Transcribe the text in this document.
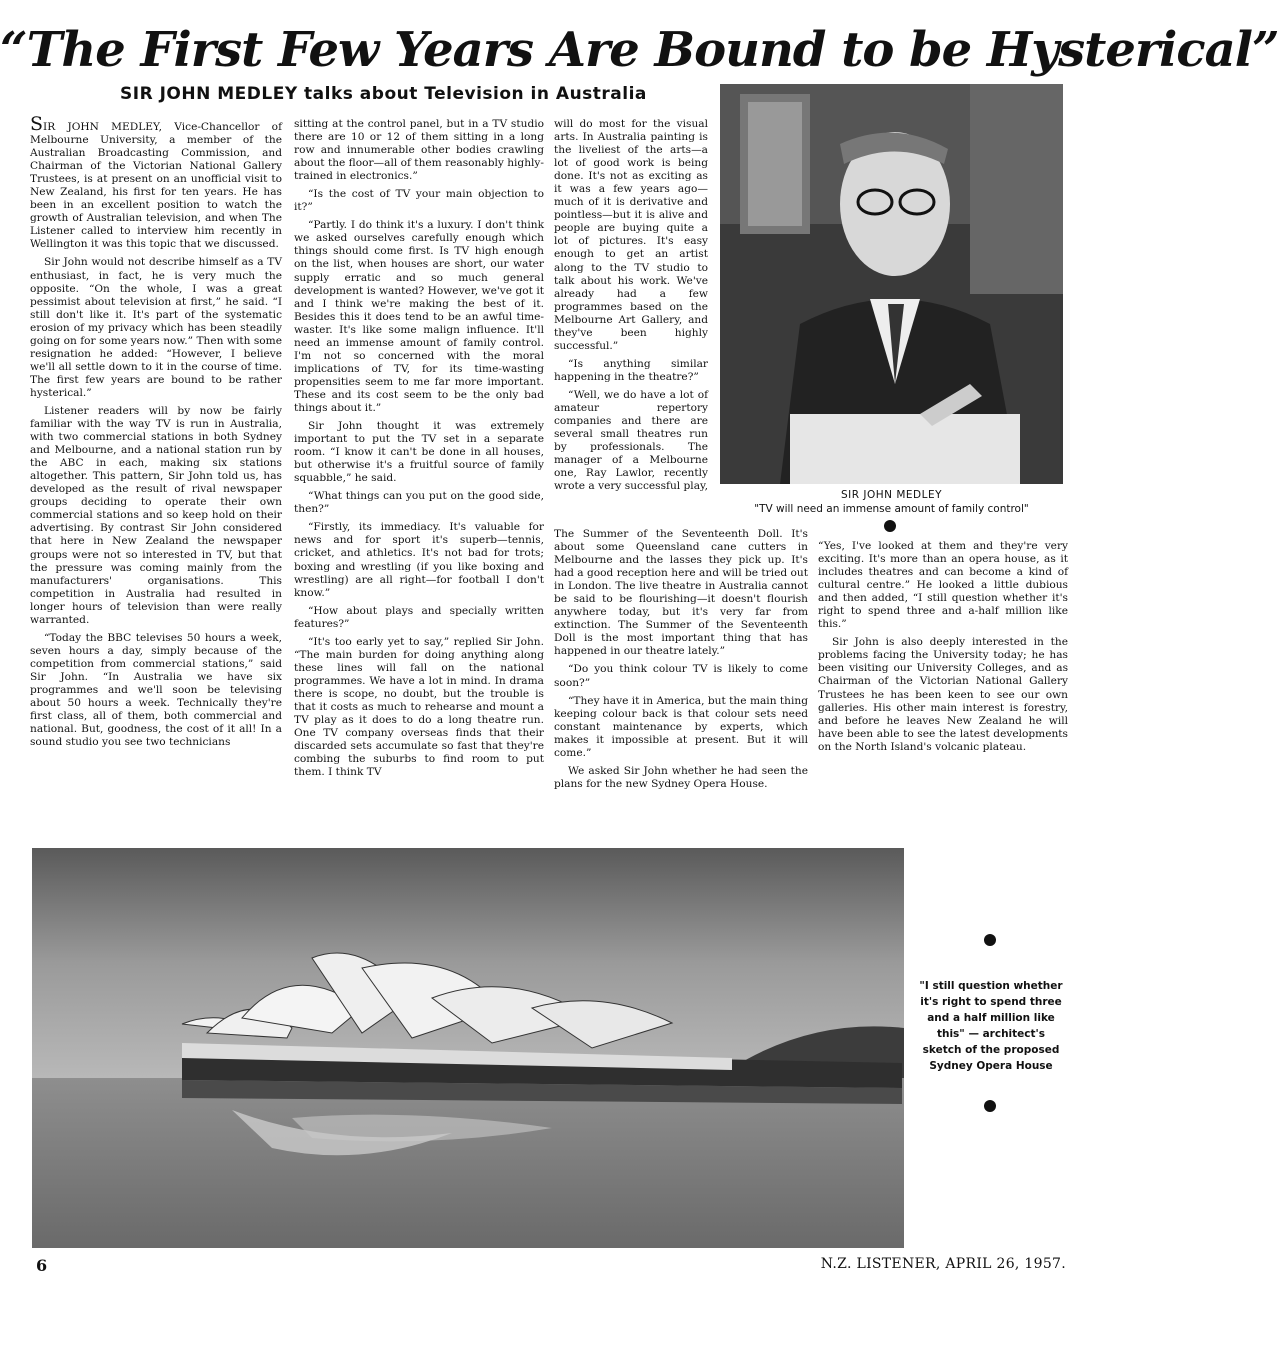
“The First Few Years Are Bound to be Hysterical”
SIR JOHN MEDLEY talks about Television in Australia

SIR JOHN MEDLEY, Vice-Chancellor of Melbourne University, a member of the Australian Broadcasting Commission, and Chairman of the Victorian National Gallery Trustees, is at present on an unofficial visit to New Zealand, his first for ten years. He has been in an excellent position to watch the growth of Australian television, and when The Listener called to interview him recently in Wellington it was this topic that we discussed.

Sir John would not describe himself as a TV enthusiast, in fact, he is very much the opposite. “On the whole, I was a great pessimist about television at first,” he said. “I still don't like it. It's part of the systematic erosion of my privacy which has been steadily going on for some years now.” Then with some resignation he added: “However, I believe we'll all settle down to it in the course of time. The first few years are bound to be rather hysterical.”

Listener readers will by now be fairly familiar with the way TV is run in Australia, with two commercial stations in both Sydney and Melbourne, and a national station run by the ABC in each, making six stations altogether. This pattern, Sir John told us, has developed as the result of rival newspaper groups deciding to operate their own commercial stations and so keep hold on their advertising. By contrast Sir John considered that here in New Zealand the newspaper groups were not so interested in TV, but that the pressure was coming mainly from the manufacturers' organisations. This competition in Australia had resulted in longer hours of television than were really warranted.

“Today the BBC televises 50 hours a week, seven hours a day, simply because of the competition from commercial stations,” said Sir John. “In Australia we have six programmes and we'll soon be televising about 50 hours a week. Technically they're first class, all of them, both commercial and national. But, goodness, the cost of it all! In a sound studio you see two technicians

sitting at the control panel, but in a TV studio there are 10 or 12 of them sitting in a long row and innumerable other bodies crawling about the floor—all of them reasonably highly-trained in electronics.”

“Is the cost of TV your main objection to it?”

“Partly. I do think it's a luxury. I don't think we asked ourselves carefully enough which things should come first. Is TV high enough on the list, when houses are short, our water supply erratic and so much general development is wanted? However, we've got it and I think we're making the best of it. Besides this it does tend to be an awful time-waster. It's like some malign influence. It'll need an immense amount of family control. I'm not so concerned with the moral implications of TV, for its time-wasting propensities seem to me far more important. These and its cost seem to be the only bad things about it.”

Sir John thought it was extremely important to put the TV set in a separate room. “I know it can't be done in all houses, but otherwise it's a fruitful source of family squabble,” he said.

“What things can you put on the good side, then?”

“Firstly, its immediacy. It's valuable for news and for sport it's superb—tennis, cricket, and athletics. It's not bad for trots; boxing and wrestling (if you like boxing and wrestling) are all right—for football I don't know.”

“How about plays and specially written features?”

“It's too early yet to say,” replied Sir John. “The main burden for doing anything along these lines will fall on the national programmes. We have a lot in mind. In drama there is scope, no doubt, but the trouble is that it costs as much to rehearse and mount a TV play as it does to do a long theatre run. One TV company overseas finds that their discarded sets accumulate so fast that they're combing the suburbs to find room to put them. I think TV

will do most for the visual arts. In Australia painting is the liveliest of the arts—a lot of good work is being done. It's not as exciting as it was a few years ago—much of it is derivative and pointless—but it is alive and people are buying quite a lot of pictures. It's easy enough to get an artist along to the TV studio to talk about his work. We've already had a few programmes based on the Melbourne Art Gallery, and they've been highly successful.”

“Is anything similar happening in the theatre?”

“Well, we do have a lot of amateur repertory companies and there are several small theatres run by professionals. The manager of a Melbourne one, Ray Lawlor, recently wrote a very successful play,

The Summer of the Seventeenth Doll. It's about some Queensland cane cutters in Melbourne and the lasses they pick up. It's had a good reception here and will be tried out in London. The live theatre in Australia cannot be said to be flourishing—it doesn't flourish anywhere today, but it's very far from extinction. The Summer of the Seventeenth Doll is the most important thing that has happened in our theatre lately.”

“Do you think colour TV is likely to come soon?”

“They have it in America, but the main thing keeping colour back is that colour sets need constant maintenance by experts, which makes it impossible at present. But it will come.”

We asked Sir John whether he had seen the plans for the new Sydney Opera House.

“Yes, I've looked at them and they're very exciting. It's more than an opera house, as it includes theatres and can become a kind of cultural centre.” He looked a little dubious and then added, “I still question whether it's right to spend three and a-half million like this.”

Sir John is also deeply interested in the problems facing the University today; he has been visiting our University Colleges, and as Chairman of the Victorian National Gallery Trustees he has been keen to see our own galleries. His other main interest is forestry, and before he leaves New Zealand he will have been able to see the latest developments on the North Island's volcanic plateau.

SIR JOHN MEDLEY
"TV will need an immense amount of family control"
"I still question whether it's right to spend three and a half million like this" — architect's sketch of the proposed Sydney Opera House
6	N.Z. LISTENER, APRIL 26, 1957.
